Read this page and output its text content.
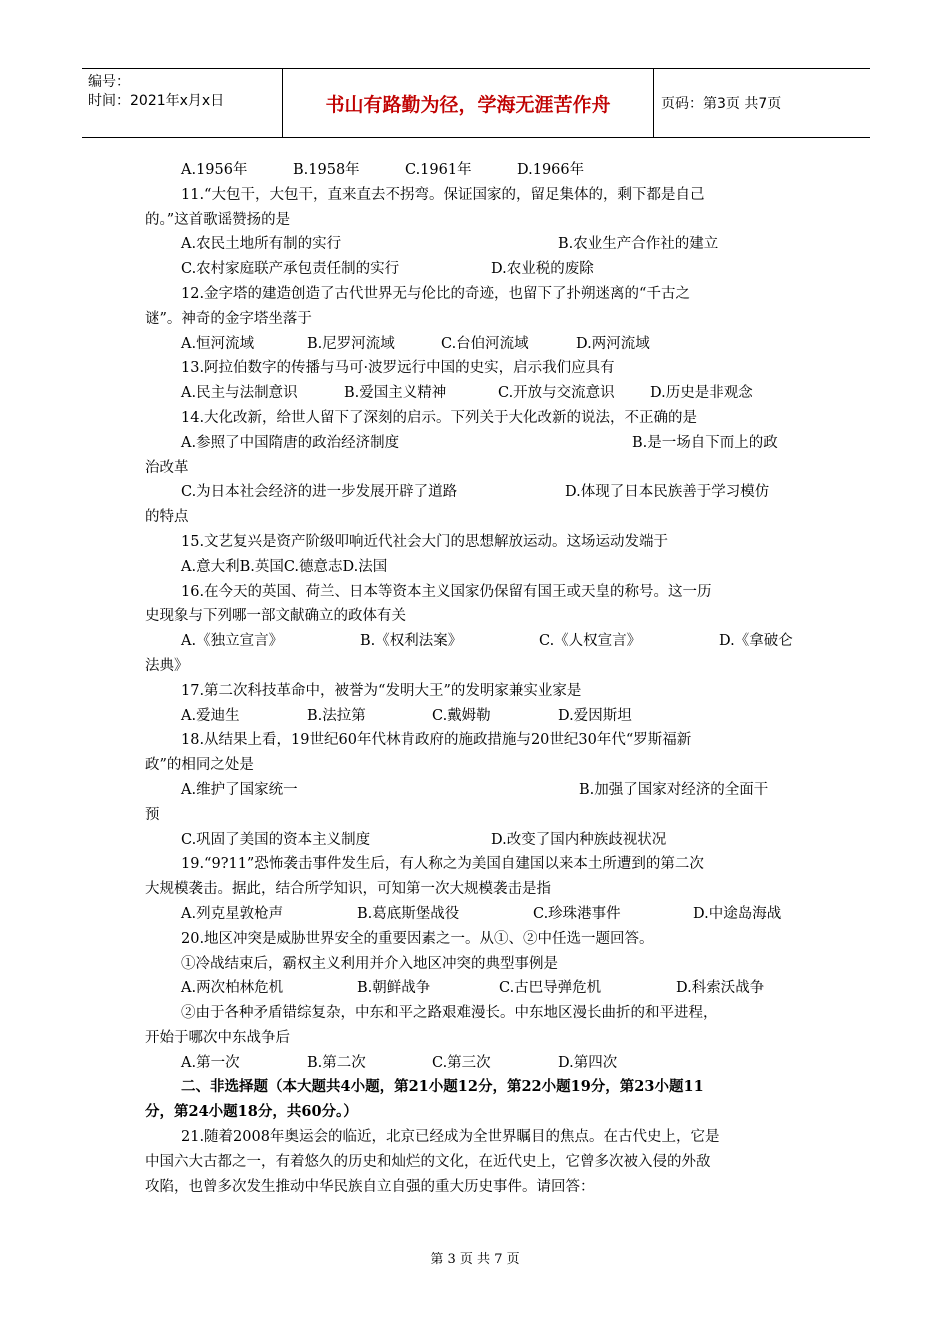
编号：
时间：2021年x月x日	书山有路勤为径，学海无涯苦作舟	页码：第3页 共7页
A.1956年	B.1958年	C.1961年	D.1966年
11.“大包干，大包干，直来直去不拐弯。保证国家的，留足集体的，剩下都是自己
的。”这首歌谣赞扬的是
A.农民土地所有制的实行	B.农业生产合作社的建立
C.农村家庭联产承包责任制的实行	D.农业税的废除
12.金字塔的建造创造了古代世界无与伦比的奇迹，也留下了扑朔迷离的“千古之
谜”。神奇的金字塔坐落于
A.恒河流域	B.尼罗河流域	C.台伯河流域	D.两河流域
13.阿拉伯数字的传播与马可·波罗远行中国的史实，启示我们应具有
A.民主与法制意识	B.爱国主义精神	C.开放与交流意识 D.历史是非观念
14.大化改新，给世人留下了深刻的启示。下列关于大化改新的说法，不正确的是
A.参照了中国隋唐的政治经济制度	B.是一场自下而上的政
治改革
C.为日本社会经济的进一步发展开辟了道路	D.体现了日本民族善于学习模仿
的特点
15.文艺复兴是资产阶级叩响近代社会大门的思想解放运动。这场运动发端于
A.意大利B.英国C.德意志D.法国
16.在今天的英国、荷兰、日本等资本主义国家仍保留有国王或天皇的称号。这一历
史现象与下列哪一部文献确立的政体有关
A.《独立宣言》	B.《权利法案》	C.《人权宣言》	D.《拿破仑
法典》
17.第二次科技革命中，被誉为“发明大王”的发明家兼实业家是
A.爱迪生	B.法拉第	C.戴姆勒	D.爱因斯坦
18.从结果上看，19世纪60年代林肯政府的施政措施与20世纪30年代“罗斯福新
政”的相同之处是
A.维护了国家统一	B.加强了国家对经济的全面干
预
C.巩固了美国的资本主义制度	D.改变了国内种族歧视状况
19.“9?11”恐怖袭击事件发生后，有人称之为美国自建国以来本土所遭到的第二次
大规模袭击。据此，结合所学知识，可知第一次大规模袭击是指
A.列克星敦枪声	B.葛底斯堡战役	C.珍珠港事件	D.中途岛海战
20.地区冲突是威胁世界安全的重要因素之一。从①、②中任选一题回答。
①冷战结束后，霸权主义利用并介入地区冲突的典型事例是
A.两次柏林危机	B.朝鲜战争	C.古巴导弹危机	D.科索沃战争
②由于各种矛盾错综复杂，中东和平之路艰难漫长。中东地区漫长曲折的和平进程，
开始于哪次中东战争后
A.第一次	B.第二次	C.第三次	D.第四次
二、非选择题（本大题共4小题，第21小题12分，第22小题19分，第23小题11
分，第24小题18分，共60分。）
21.随着2008年奥运会的临近，北京已经成为全世界瞩目的焦点。在古代史上，它是
中国六大古都之一，有着悠久的历史和灿烂的文化，在近代史上，它曾多次被入侵的外敌
攻陷，也曾多次发生推动中华民族自立自强的重大历史事件。请回答：
第 3 页 共 7 页
